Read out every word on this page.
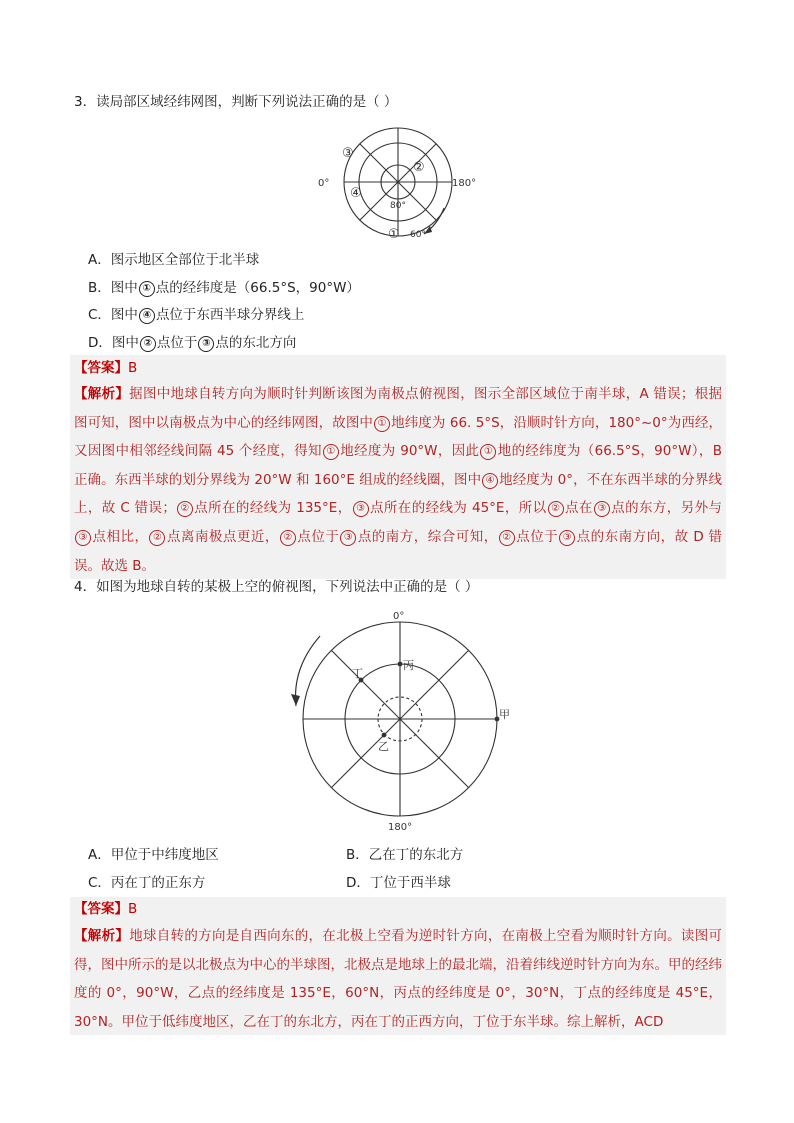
3．读局部区域经纬网图，判断下列说法正确的是（ ）
0°	180°
80°
60°
③
②
④
①
A．图示地区全部位于北半球
B．图中 ① 点的经纬度是（66.5°S，90°W）
C．图中 ④ 点位于东西半球分界线上
D．图中 ② 点位于 ③ 点的东北方向
【答案】B
【解析】据图中地球自转方向为顺时针判断该图为南极点俯视图，图示全部区域位于南半球，A 错误；根据图可知，图中以南极点为中心的经纬网图，故图中 ① 地纬度为 66. 5°S，沿顺时针方向，180°~0°为西经，又因图中相邻经线间隔 45 个经度，得知 ① 地经度为 90°W，因此 ① 地的经纬度为（66.5°S，90°W），B 正确。东西半球的划分界线为 20°W 和 160°E 组成的经线圈，图中 ④ 地经度为 0°，不在东西半球的分界线上，故 C 错误； ② 点所在的经线为 135°E， ③ 点所在的经线为 45°E，所以 ② 点在 ③ 点的东方，另外与③ 点相比， ② 点离南极点更近， ② 点位于 ③ 点的南方，综合可知， ② 点位于 ③ 点的东南方向，故 D 错误。故选 B。
4．如图为地球自转的某极上空的俯视图，下列说法中正确的是（ ）
0°
180°
甲
丙
丁
乙
A．甲位于中纬度地区	B．乙在丁的东北方
C．丙在丁的正东方	D．丁位于西半球
【答案】B
【解析】地球自转的方向是自西向东的，在北极上空看为逆时针方向，在南极上空看为顺时针方向。读图可得，图中所示的是以北极点为中心的半球图，北极点是地球上的最北端，沿着纬线逆时针方向为东。甲的经纬度的 0°，90°W，乙点的经纬度是 135°E，60°N，丙点的经纬度是 0°，30°N，丁点的经纬度是 45°E，30°N。甲位于低纬度地区，乙在丁的东北方，丙在丁的正西方向，丁位于东半球。综上解析，ACD
